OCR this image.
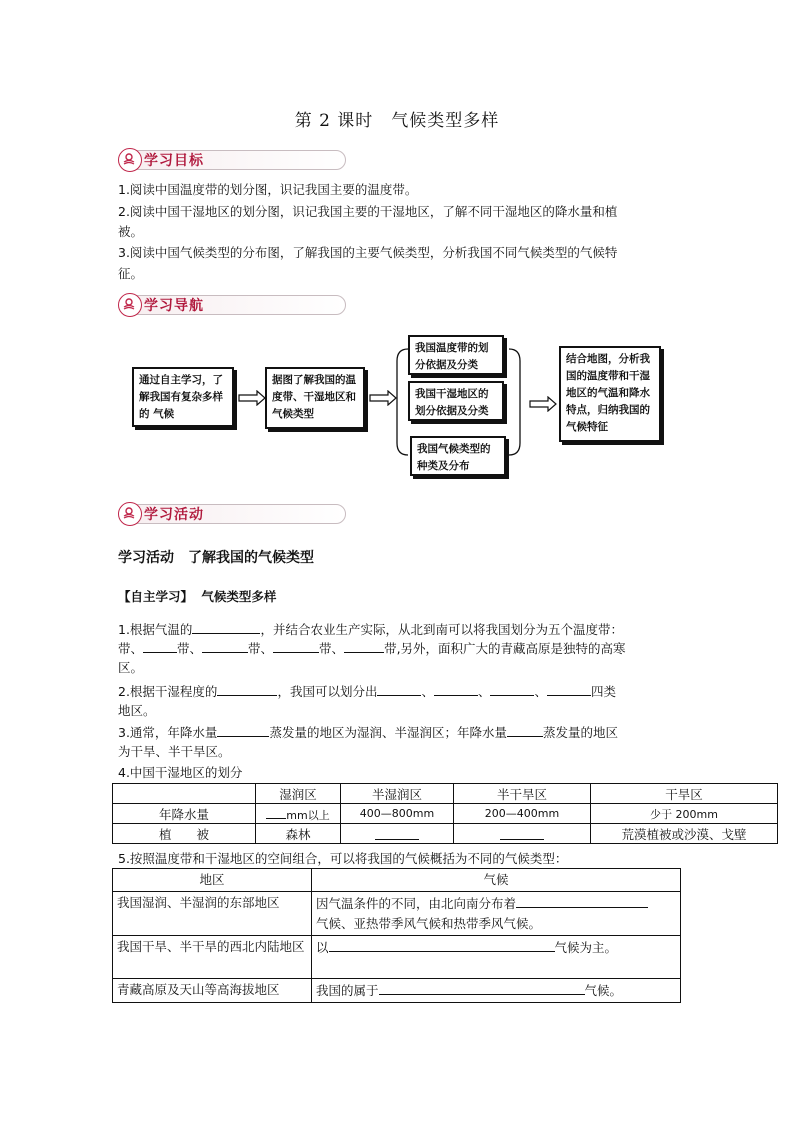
第 2 课时　气候类型多样
学习目标
1.阅读中国温度带的划分图，识记我国主要的温度带。
2.阅读中国干湿地区的划分图，识记我国主要的干湿地区，了解不同干湿地区的降水量和植
被。
3.阅读中国气候类型的分布图，了解我国的主要气候类型，分析我国不同气候类型的气候特
征。
学习导航
通过自主学习，了解我国有复杂多样的 气候
据图了解我国的温度带、干湿地区和气候类型
我国温度带的划分依据及分类
我国干湿地区的划分依据及分类
我国气候类型的种类及分布
结合地图，分析我国的温度带和干湿地区的气温和降水特点，归纳我国的气候特征
学习活动
学习活动　了解我国的气候类型
【自主学习】 气候类型多样
1.根据气温的	，并结合农业生产实际，从北到南可以将我国划分为五个温度带：
带、	带、	带、	带、	带,另外，面积广大的青藏高原是独特的高寒
区。
2.根据干湿程度的	，我国可以划分出	、	、	、	四类
地区。
3.通常，年降水量	蒸发量的地区为湿润、半湿润区；年降水量	蒸发量的地区
为干旱、半干旱区。
4.中国干湿地区的划分
	湿润区	半湿润区	半干旱区	干旱区
年降水量	mm以上	400—800mm	200—400mm	少于 200mm
植　　被	森林			荒漠植被或沙漠、戈壁
5.按照温度带和干湿地区的空间组合，可以将我国的气候概括为不同的气候类型：
地区	气候
我国湿润、半湿润的东部地区	因气温条件的不同，由北向南分布着
气候、亚热带季风气候和热带季风气候。
我国干旱、半干旱的西北内陆地区	以 气候为主。
青藏高原及天山等高海拔地区	我国的属于 气候。
